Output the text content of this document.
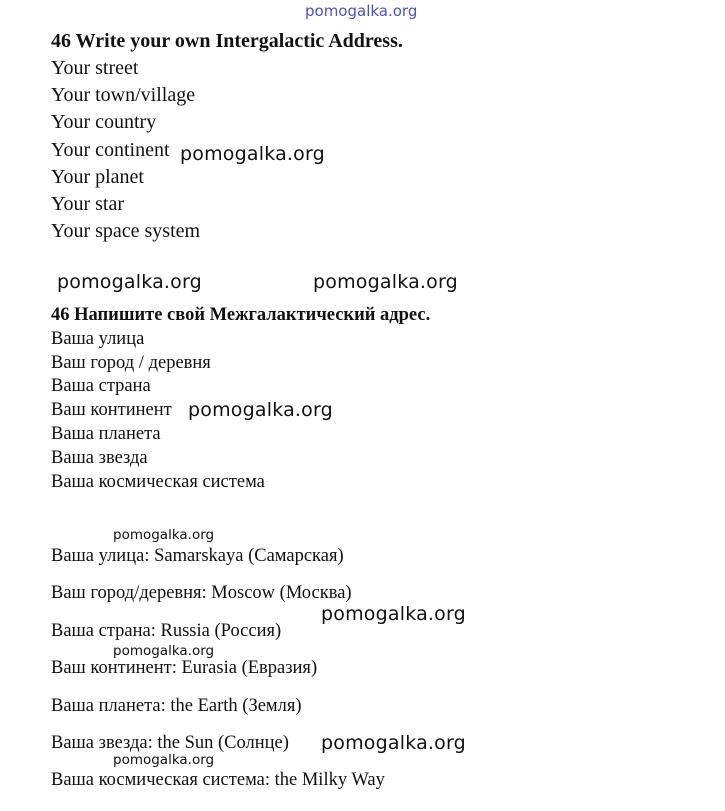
pomogalka.org
46 Write your own Intergalactic Address.
Your street
Your town/village
Your country
Your continent
Your planet
Your star
Your space system
pomogalka.org
pomogalka.org	pomogalka.org
46 Напишите свой Межгалактический адрес.
Ваша улица
Ваш город / деревня
Ваша страна
Ваш континент
Ваша планета
Ваша звезда
Ваша космическая система
pomogalka.org
pomogalka.org
Ваша улица: Samarskaya (Самарская)
Ваш город/деревня: Moscow (Москва)
pomogalka.org
Ваша страна: Russia (Россия)
pomogalka.org
Ваш континент: Eurasia (Евразия)
Ваша планета: the Earth (Земля)
Ваша звезда: the Sun (Солнце) pomogalka.org
pomogalka.org
Ваша космическая система: the Milky Way
